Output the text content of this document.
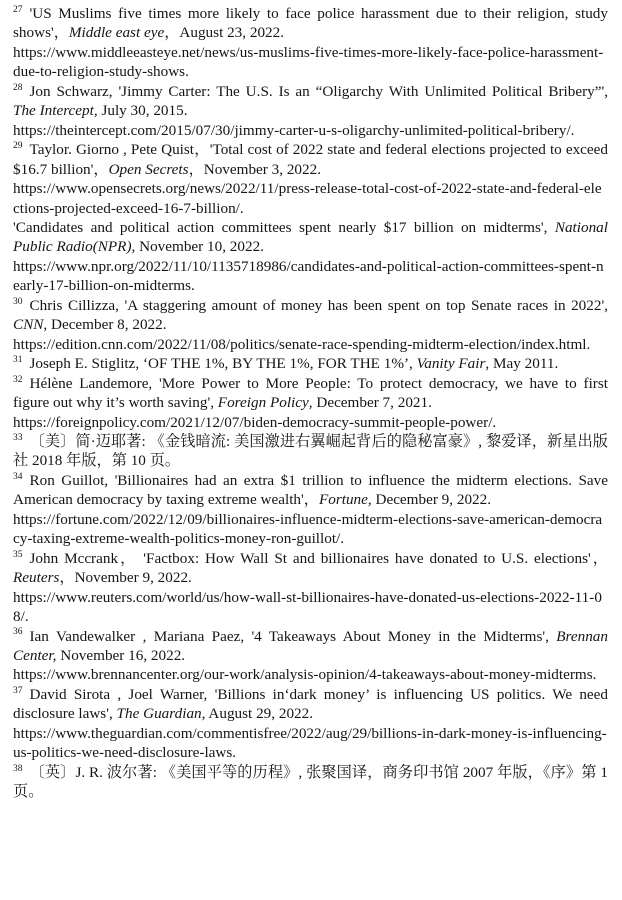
$^{27}$ 'US Muslims five times more likely to face police harassment due to their religion, study shows'，Middle east eye，August 23, 2022.

https://www.middleeasteye.net/news/us-muslims-five-times-more-likely-face-police-harassment-due-to-religion-study-shows.

$^{28}$ Jon Schwarz, 'Jimmy Carter: The U.S. Is an “Oligarchy With Unlimited Political Bribery”', The Intercept, July 30, 2015.

https://theintercept.com/2015/07/30/jimmy-carter-u-s-oligarchy-unlimited-political-bribery/.

$^{29}$ Taylor. Giorno , Pete Quist，'Total cost of 2022 state and federal elections projected to exceed $16.7 billion'，Open Secrets，November 3, 2022.

https://www.opensecrets.org/news/2022/11/press-release-total-cost-of-2022-state-and-federal-elections-projected-exceed-16-7-billion/.

'Candidates and political action committees spent nearly $17 billion on midterms', National Public Radio(NPR), November 10, 2022.

https://www.npr.org/2022/11/10/1135718986/candidates-and-political-action-committees-spent-nearly-17-billion-on-midterms.

$^{30}$ Chris Cillizza, 'A staggering amount of money has been spent on top Senate races in 2022', CNN, December 8, 2022.

https://edition.cnn.com/2022/11/08/politics/senate-race-spending-midterm-election/index.html.

$^{31}$ Joseph E. Stiglitz, ‘OF THE 1%, BY THE 1%, FOR THE 1%’, Vanity Fair, May 2011.

$^{32}$ Hélène Landemore, 'More Power to More People: To protect democracy, we have to first figure out why it’s worth saving', Foreign Policy, December 7, 2021.

https://foreignpolicy.com/2021/12/07/biden-democracy-summit-people-power/.

$^{33}$ 〔美〕简·迈耶著: 《金钱暗流: 美国激进右翼崛起背后的隐秘富豪》, 黎爱译，新星出版社 2018 年版，第 10 页。

$^{34}$ Ron Guillot, 'Billionaires had an extra $1 trillion to influence the midterm elections. Save American democracy by taxing extreme wealth'，Fortune, December 9, 2022.

https://fortune.com/2022/12/09/billionaires-influence-midterm-elections-save-american-democracy-taxing-extreme-wealth-politics-money-ron-guillot/.

$^{35}$ John Mccrank， 'Factbox: How Wall St and billionaires have donated to U.S. elections'，Reuters，November 9, 2022.

https://www.reuters.com/world/us/how-wall-st-billionaires-have-donated-us-elections-2022-11-08/.

$^{36}$ Ian Vandewalker , Mariana Paez, '4 Takeaways About Money in the Midterms', Brennan Center, November 16, 2022.

https://www.brennancenter.org/our-work/analysis-opinion/4-takeaways-about-money-midterms.

$^{37}$ David Sirota , Joel Warner, 'Billions in‘dark money’ is influencing US politics. We need disclosure laws', The Guardian, August 29, 2022.

https://www.theguardian.com/commentisfree/2022/aug/29/billions-in-dark-money-is-influencing-us-politics-we-need-disclosure-laws.

$^{38}$ 〔英〕J. R. 波尔著: 《美国平等的历程》, 张聚国译，商务印书馆 2007 年版，《序》第 1 页。
